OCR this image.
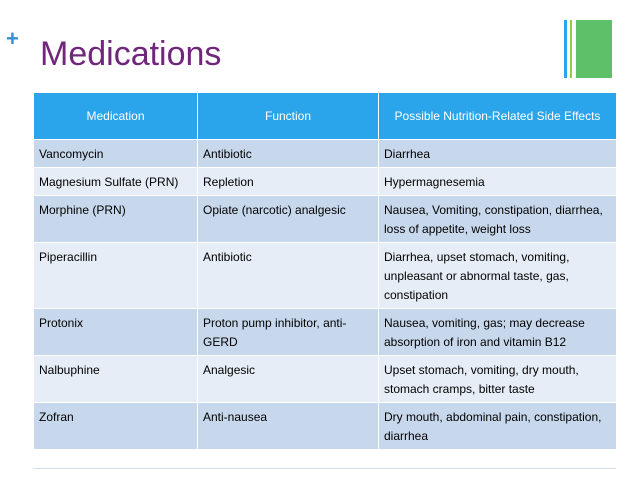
+ Medications
Medication	Function	Possible Nutrition-Related Side Effects
Vancomycin	Antibiotic	Diarrhea
Magnesium Sulfate (PRN)	Repletion	Hypermagnesemia
Morphine (PRN)	Opiate (narcotic) analgesic	Nausea, Vomiting, constipation, diarrhea, loss of appetite, weight loss
Piperacillin	Antibiotic	Diarrhea, upset stomach, vomiting, unpleasant or abnormal taste, gas, constipation
Protonix	Proton pump inhibitor, anti-GERD	Nausea, vomiting, gas; may decrease absorption of iron and vitamin B12
Nalbuphine	Analgesic	Upset stomach, vomiting, dry mouth, stomach cramps, bitter taste
Zofran	Anti-nausea	Dry mouth, abdominal pain, constipation, diarrhea
